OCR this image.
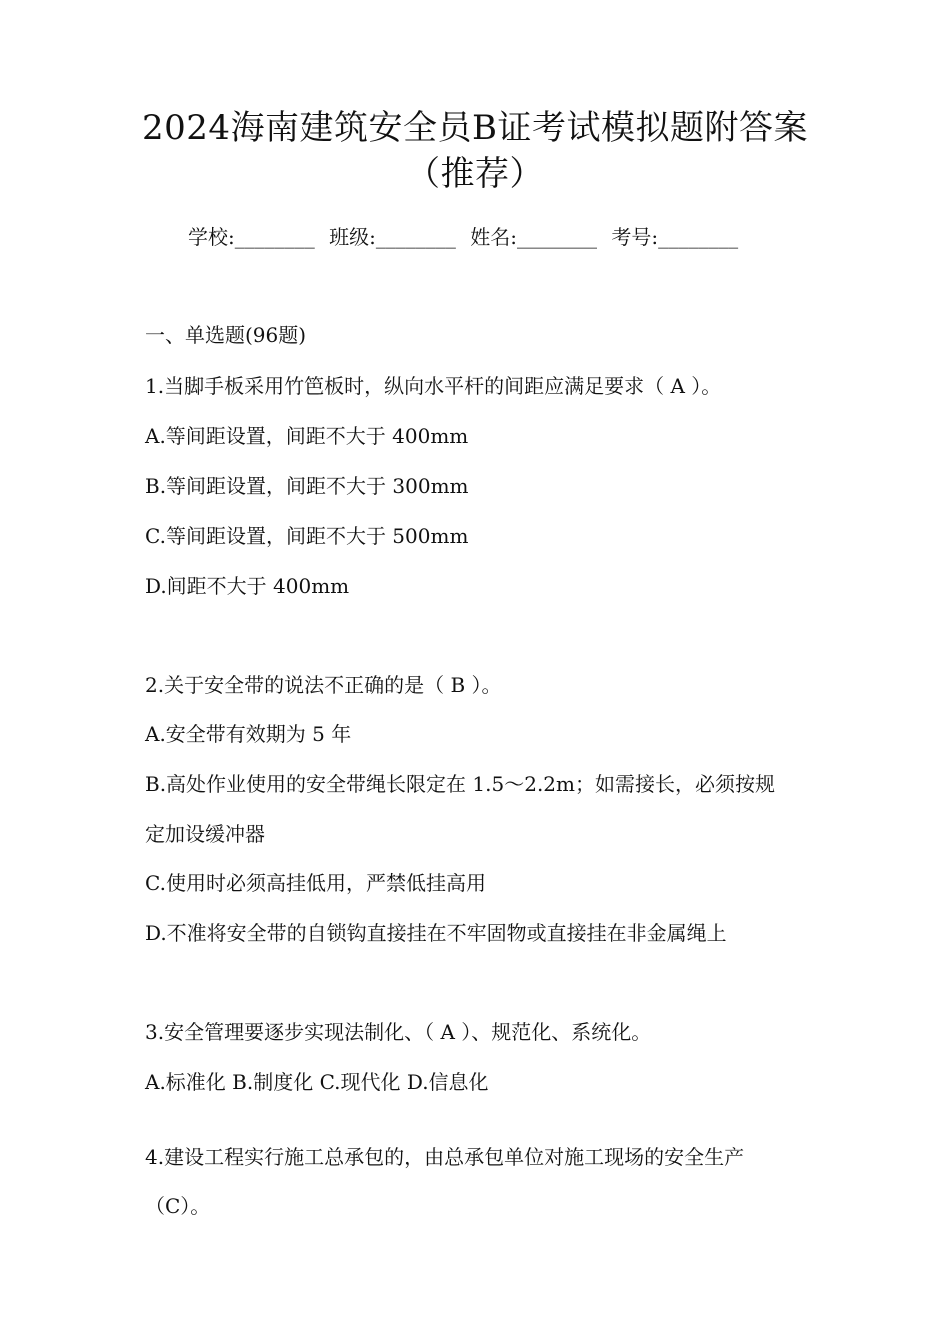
2024海南建筑安全员B证考试模拟题附答案
（推荐）
学校:________ 班级:________ 姓名:________ 考号:________
一、单选题(96题)
1.当脚手板采用竹笆板时，纵向水平杆的间距应满足要求（ A ）。
A.等间距设置，间距不大于 400mm
B.等间距设置，间距不大于 300mm
C.等间距设置，间距不大于 500mm
D.间距不大于 400mm
2.关于安全带的说法不正确的是（ B ）。
A.安全带有效期为 5 年
B.高处作业使用的安全带绳长限定在 1.5～2.2m；如需接长，必须按规
定加设缓冲器
C.使用时必须高挂低用，严禁低挂高用
D.不准将安全带的自锁钩直接挂在不牢固物或直接挂在非金属绳上
3.安全管理要逐步实现法制化、（ A ）、规范化、系统化。
A.标准化 B.制度化 C.现代化 D.信息化
4.建设工程实行施工总承包的，由总承包单位对施工现场的安全生产
（C）。
